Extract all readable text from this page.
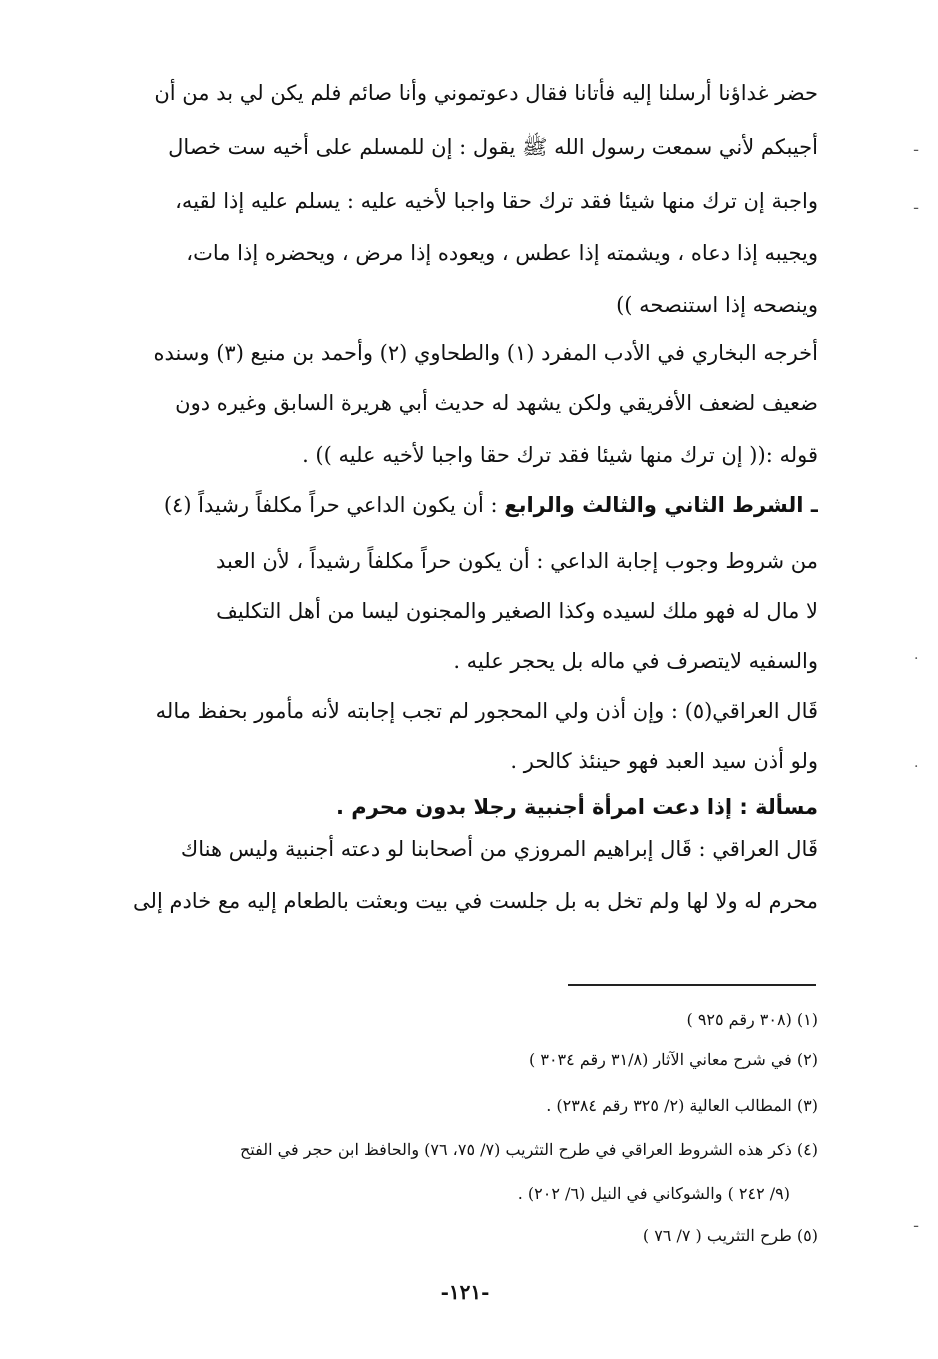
حضر غداؤنا أرسلنا إليه فأتانا فقال دعوتموني وأنا صائم فلم يكن لي بد من أن
أجيبكم لأني سمعت رسول الله ﷺ يقول : إن للمسلم على أخيه ست خصال
واجبة إن ترك منها شيئا فقد ترك حقا واجبا لأخيه عليه : يسلم عليه إذا لقيه،
ويجيبه إذا دعاه ، ويشمته إذا عطس ، ويعوده إذا مرض ، ويحضره إذا مات،
وينصحه إذا استنصحه ))
أخرجه البخاري في الأدب المفرد (١) والطحاوي (٢) وأحمد بن منيع (٣) وسنده
ضعيف لضعف الأفريقي ولكن يشهد له حديث أبي هريرة السابق وغيره دون
قوله :(( إن ترك منها شيئا فقد ترك حقا واجبا لأخيه عليه )) .
ـ الشرط الثاني والثالث والرابع : أن يكون الداعي حراً مكلفاً رشيداً (٤)
من شروط وجوب إجابة الداعي : أن يكون حراً مكلفاً رشيداً ، لأن العبد
لا مال له فهو ملك لسيده وكذا الصغير والمجنون ليسا من أهل التكليف
والسفيه لايتصرف في ماله بل يحجر عليه .
قَال العراقي(٥) : وإن أذن ولي المحجور لم تجب إجابته لأنه مأمور بحفظ ماله
ولو أذن سيد العبد فهو حينئذ كالحر .
مسألة : إذا دعت امرأة أجنبية رجلا بدون محرم .
قَال العراقي : قَال إبراهيم المروزي من أصحابنا لو دعته أجنبية وليس هناك
محرم له ولا لها ولم تخل به بل جلست في بيت وبعثت بالطعام إليه مع خادم إلى
(١) (٣٠٨ رقم ٩٢٥ )
(٢) في شرح معاني الآثار (٣١/٨ رقم ٣٠٣٤ )
(٣) المطالب العالية (٢/ ٣٢٥ رقم ٢٣٨٤) .
(٤) ذكر هذه الشروط العراقي في طرح التثريب (٧/ ٧٥، ٧٦) والحافظ ابن حجر في الفتح
(٩/ ٢٤٢ ) والشوكاني في النيل (٦/ ٢٠٢) .
(٥) طرح التثريب ( ٧/ ٧٦ )
-١٢١-
ـ
ـ
·
·
ـ
